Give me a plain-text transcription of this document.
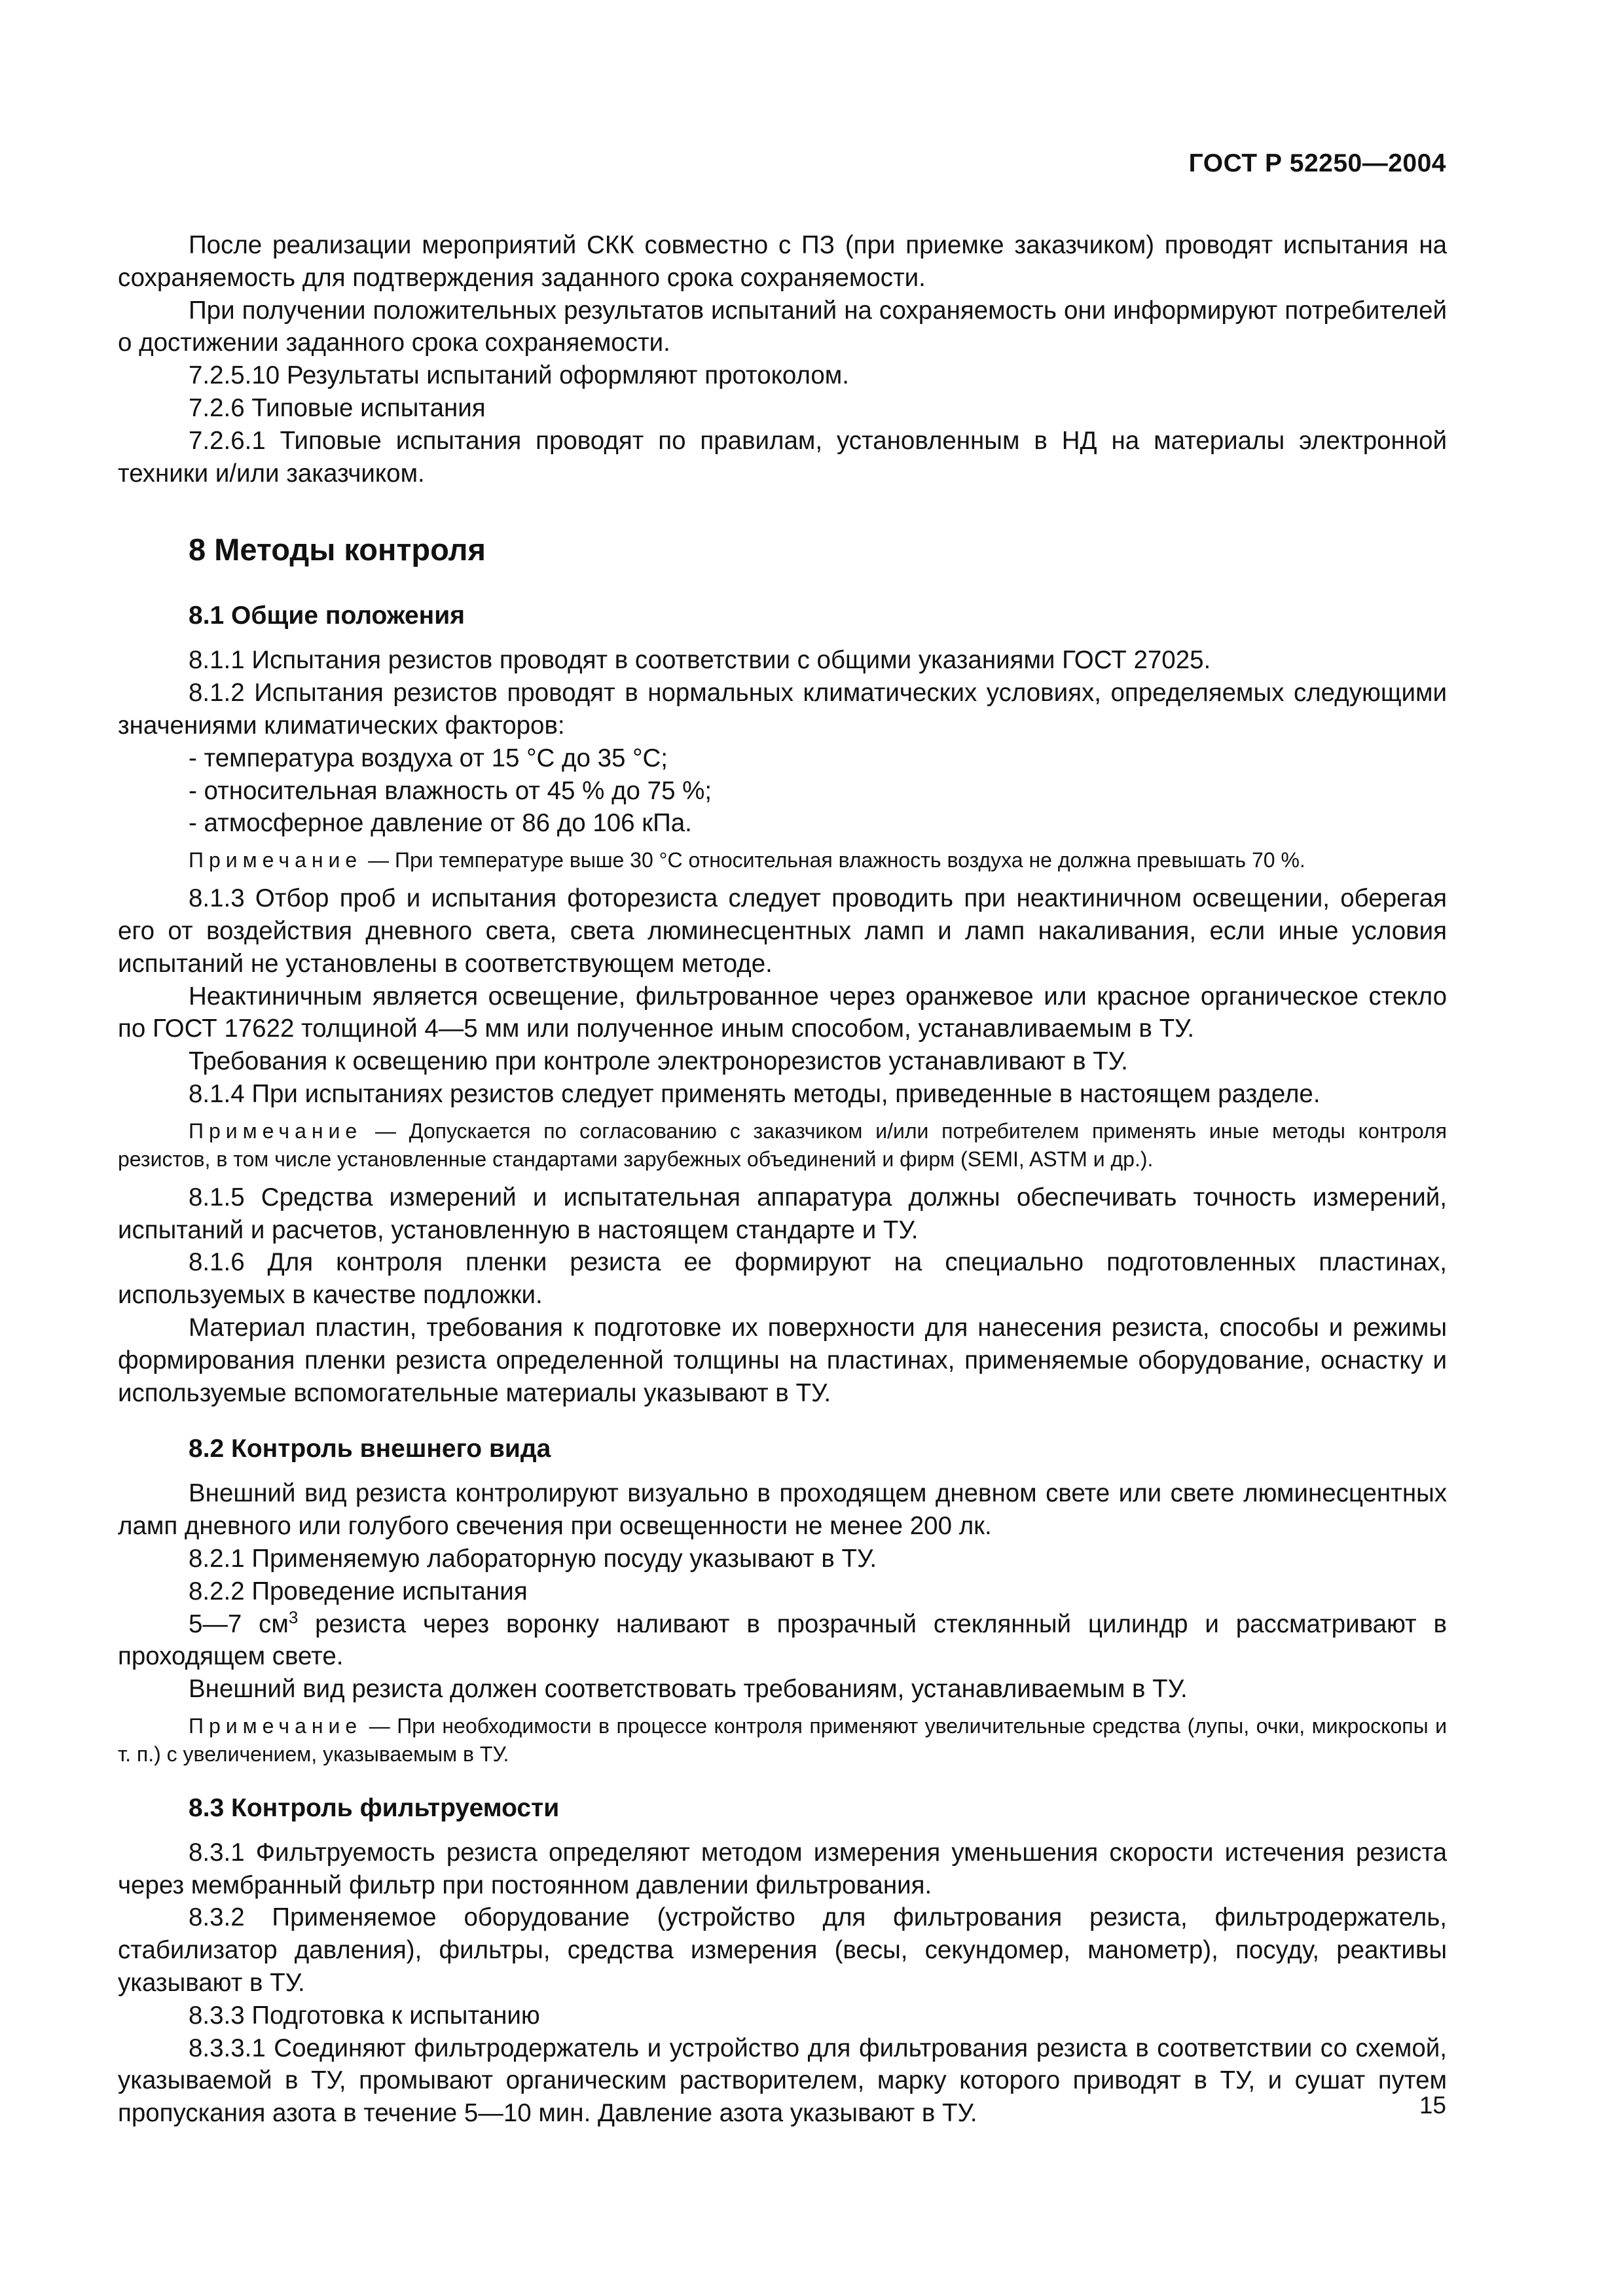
ГОСТ Р 52250—2004

После реализации мероприятий СКК совместно с ПЗ (при приемке заказчиком) проводят испытания на сохраняемость для подтверждения заданного срока сохраняемости.

При получении положительных результатов испытаний на сохраняемость они информируют потребителей о достижении заданного срока сохраняемости.

7.2.5.10 Результаты испытаний оформляют протоколом.

7.2.6 Типовые испытания

7.2.6.1 Типовые испытания проводят по правилам, установленным в НД на материалы электронной техники и/или заказчиком.

8 Методы контроля
8.1 Общие положения

8.1.1 Испытания резистов проводят в соответствии с общими указаниями ГОСТ 27025.

8.1.2 Испытания резистов проводят в нормальных климатических условиях, определяемых следующими значениями климатических факторов:

- температура воздуха от 15 °С до 35 °С;

- относительная влажность от 45 % до 75 %;

- атмосферное давление от 86 до 106 кПа.

Примечание — При температуре выше 30 °С относительная влажность воздуха не должна превышать 70 %.

8.1.3 Отбор проб и испытания фоторезиста следует проводить при неактиничном освещении, оберегая его от воздействия дневного света, света люминесцентных ламп и ламп накаливания, если иные условия испытаний не установлены в соответствующем методе.

Неактиничным является освещение, фильтрованное через оранжевое или красное органическое стекло по ГОСТ 17622 толщиной 4—5 мм или полученное иным способом, устанавливаемым в ТУ.

Требования к освещению при контроле электронорезистов устанавливают в ТУ.

8.1.4 При испытаниях резистов следует применять методы, приведенные в настоящем разделе.

Примечание — Допускается по согласованию с заказчиком и/или потребителем применять иные методы контроля резистов, в том числе установленные стандартами зарубежных объединений и фирм (SEMI, ASTM и др.).

8.1.5 Средства измерений и испытательная аппаратура должны обеспечивать точность измерений, испытаний и расчетов, установленную в настоящем стандарте и ТУ.

8.1.6 Для контроля пленки резиста ее формируют на специально подготовленных пластинах, используемых в качестве подложки.

Материал пластин, требования к подготовке их поверхности для нанесения резиста, способы и режимы формирования пленки резиста определенной толщины на пластинах, применяемые оборудование, оснастку и используемые вспомогательные материалы указывают в ТУ.

8.2 Контроль внешнего вида

Внешний вид резиста контролируют визуально в проходящем дневном свете или свете люминесцентных ламп дневного или голубого свечения при освещенности не менее 200 лк.

8.2.1 Применяемую лабораторную посуду указывают в ТУ.

8.2.2 Проведение испытания

5—7 $см^3$ резиста через воронку наливают в прозрачный стеклянный цилиндр и рассматривают в проходящем свете.

Внешний вид резиста должен соответствовать требованиям, устанавливаемым в ТУ.

Примечание — При необходимости в процессе контроля применяют увеличительные средства (лупы, очки, микроскопы и т. п.) с увеличением, указываемым в ТУ.

8.3 Контроль фильтруемости

8.3.1 Фильтруемость резиста определяют методом измерения уменьшения скорости истечения резиста через мембранный фильтр при постоянном давлении фильтрования.

8.3.2 Применяемое оборудование (устройство для фильтрования резиста, фильтродержатель, стабилизатор давления), фильтры, средства измерения (весы, секундомер, манометр), посуду, реактивы указывают в ТУ.

8.3.3 Подготовка к испытанию

8.3.3.1 Соединяют фильтродержатель и устройство для фильтрования резиста в соответствии со схемой, указываемой в ТУ, промывают органическим растворителем, марку которого приводят в ТУ, и сушат путем пропускания азота в течение 5—10 мин. Давление азота указывают в ТУ.	15
